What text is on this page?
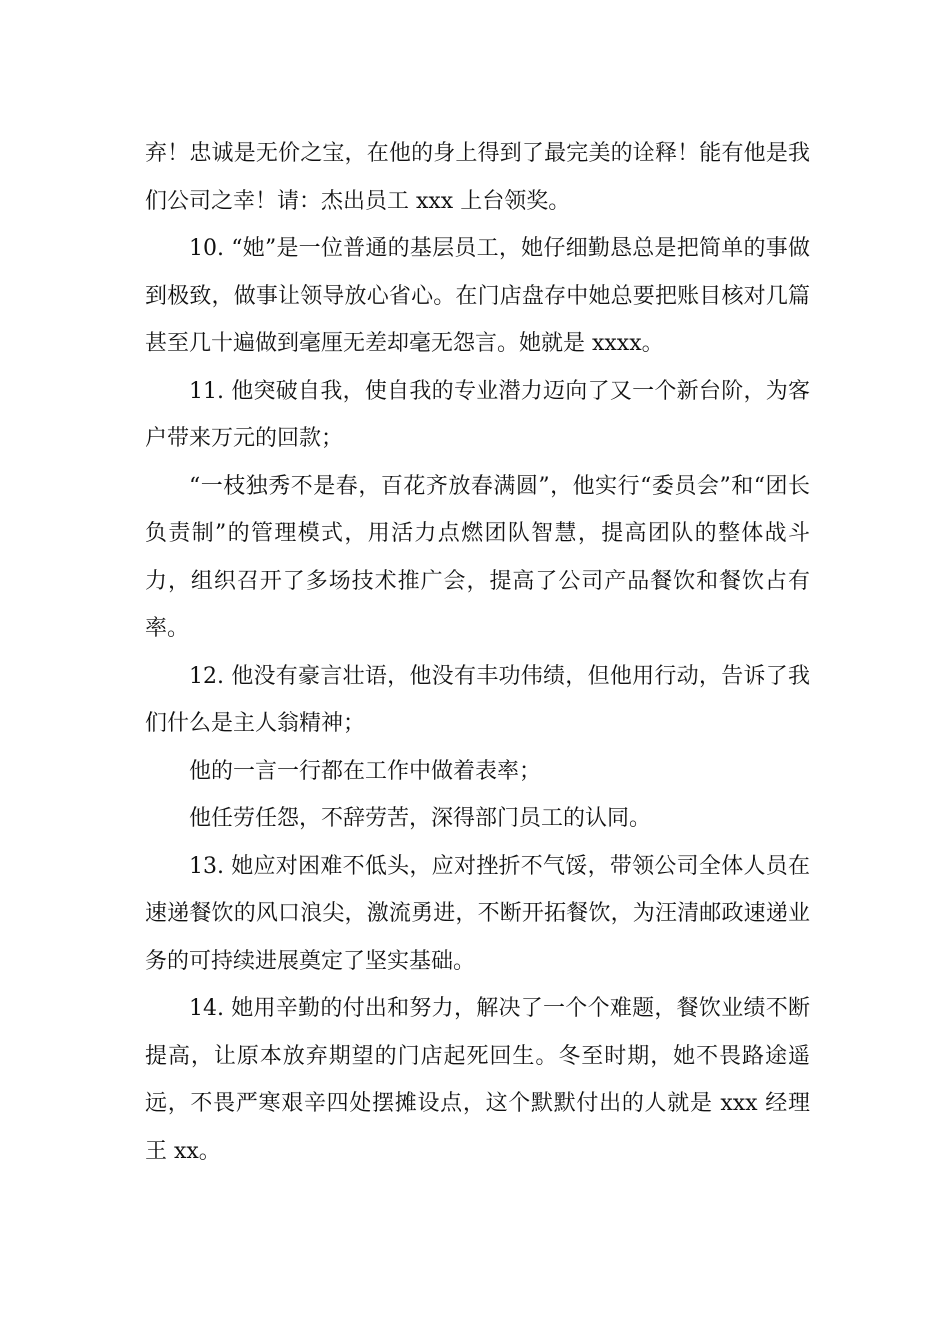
弃！忠诚是无价之宝，在他的身上得到了最完美的诠释！能有他是我们公司之幸！请：杰出员工 xxx 上台领奖。

10. “她”是一位普通的基层员工，她仔细勤恳总是把简单的事做到极致，做事让领导放心省心。在门店盘存中她总要把账目核对几篇甚至几十遍做到毫厘无差却毫无怨言。她就是 xxxx。

11. 他突破自我，使自我的专业潜力迈向了又一个新台阶，为客户带来万元的回款；

“一枝独秀不是春，百花齐放春满圆”，他实行“委员会”和“团长负责制”的管理模式，用活力点燃团队智慧，提高团队的整体战斗力，组织召开了多场技术推广会，提高了公司产品餐饮和餐饮占有率。

12. 他没有豪言壮语，他没有丰功伟绩，但他用行动，告诉了我们什么是主人翁精神；

他的一言一行都在工作中做着表率；

他任劳任怨，不辞劳苦，深得部门员工的认同。

13. 她应对困难不低头，应对挫折不气馁，带领公司全体人员在速递餐饮的风口浪尖，激流勇进，不断开拓餐饮，为汪清邮政速递业务的可持续进展奠定了坚实基础。

14. 她用辛勤的付出和努力，解决了一个个难题，餐饮业绩不断提高，让原本放弃期望的门店起死回生。冬至时期，她不畏路途遥远，不畏严寒艰辛四处摆摊设点，这个默默付出的人就是 xxx 经理王 xx。
